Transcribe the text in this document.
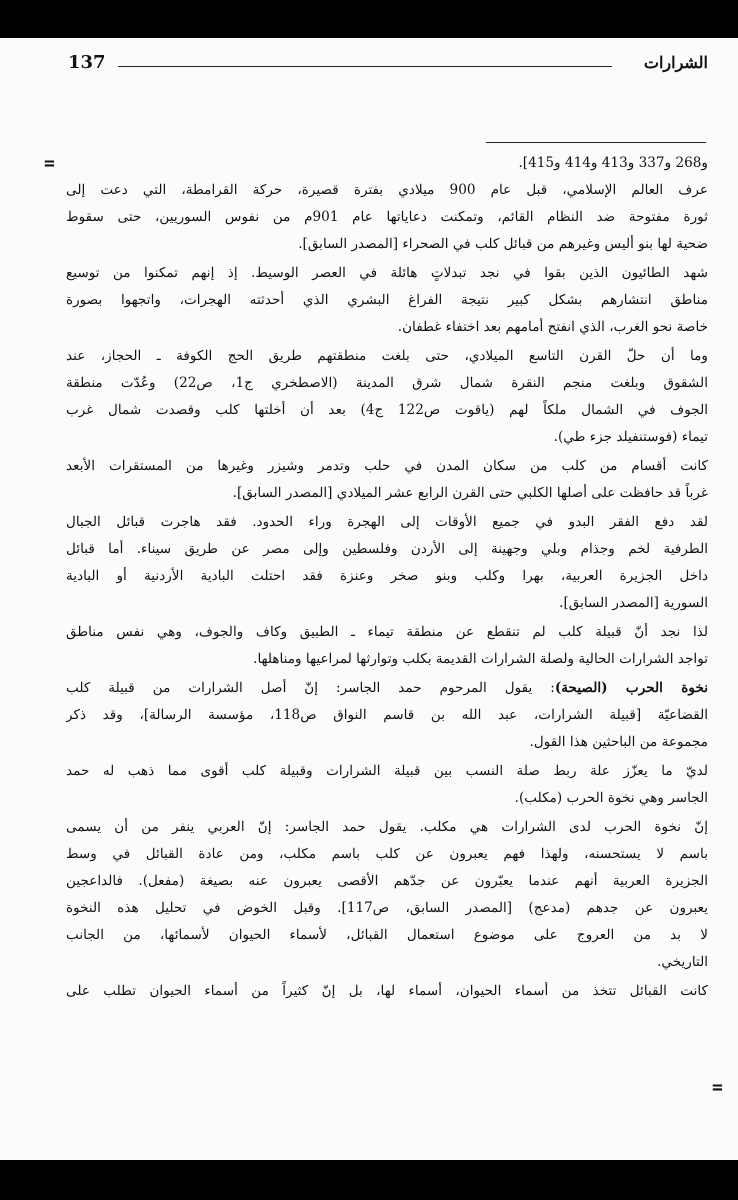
137	الشرارات
و268 و337 و413 و414 و415].
عرف العالم الإسلامي، قبل عام 900 ميلادي بفترة قصيرة، حركة القرامطة، التي دعت إلى
ثورة مفتوحة ضد النظام القائم، وتمكنت دعاياتها عام 901م من نفوس السوريين، حتى سقوط
ضحية لها بنو أليس وغيرهم من قبائل كلب في الصحراء [المصدر السابق].
شهد الطائيون الذين بقوا في نجد تبدلاتٍ هائلة في العصر الوسيط. إذ إنهم تمكنوا من توسيع
مناطق انتشارهم بشكل كبير نتيجة الفراغ البشري الذي أحدثته الهجرات، واتجهوا بصورة
خاصة نحو الغرب، الذي انفتح أمامهم بعد اختفاء غطفان.
وما أن حلّ القرن التاسع الميلادي، حتى بلغت منطقتهم طريق الحج الكوفة ـ الحجاز، عند
الشقوق وبلغت منجم النقرة شمال شرق المدينة (الاصطخري ج1، ص22) وعُدّت منطقة
الجوف في الشمال ملكاً لهم (ياقوت ص122 ج4) بعد أن أخلتها كلب وقصدت شمال غرب
تيماء (فوستنفيلد جزء طي).
كانت أقسام من كلب من سكان المدن في حلب وتدمر وشيزر وغيرها من المستقرات الأبعد
غرباً قد حافظت على أصلها الكلبي حتى القرن الرابع عشر الميلادي [المصدر السابق].
لقد دفع الفقر البدو في جميع الأوقات إلى الهجرة وراء الحدود. فقد هاجرت قبائل الجبال
الطرفية لخم وجذام وبلي وجهينة إلى الأردن وفلسطين وإلى مصر عن طريق سيناء. أما قبائل
داخل الجزيرة العربية، بهرا وكلب وبنو صخر وعنزة فقد احتلت البادية الأردنية أو البادية
السورية [المصدر السابق].
لذا نجد أنّ قبيلة كلب لم تنقطع عن منطقة تيماء ـ الطبيق وكاف والجوف، وهي نفس مناطق
تواجد الشرارات الحالية ولصلة الشرارات القديمة بكلب وتوارثها لمراعيها ومناهلها.
نخوة الحرب (الصيحة): يقول المرحوم حمد الجاسر: إنّ أصل الشرارات من قبيلة كلب
القضاعيّة [قبيلة الشرارات، عبد الله بن قاسم النواق ص118، مؤسسة الرسالة]، وقد ذكر
مجموعة من الباحثين هذا القول.
لديّ ما يعزّز علة ربط صلة النسب بين قبيلة الشرارات وقبيلة كلب أقوى مما ذهب له حمد
الجاسر وهي نخوة الحرب (مكلب).
إنّ نخوة الحرب لدى الشرارات هي مكلب. يقول حمد الجاسر: إنّ العربي ينفر من أن يسمى
باسم لا يستحسنه، ولهذا فهم يعبرون عن كلب باسم مكلب، ومن عادة القبائل في وسط
الجزيرة العربية أنهم عندما يعبّرون عن جدّهم الأقصى يعبرون عنه بصيغة (مفعل). فالداعجين
يعبرون عن جدهم (مدعج) [المصدر السابق، ص117]. وقبل الخوض في تحليل هذه النخوة
لا بد من العروج على موضوع استعمال القبائل، لأسماء الحيوان لأسمائها، من الجانب
التاريخي.
كانت القبائل تتخذ من أسماء الحيوان، أسماء لها، بل إنّ كثيراً من أسماء الحيوان تطلب على
=
=
